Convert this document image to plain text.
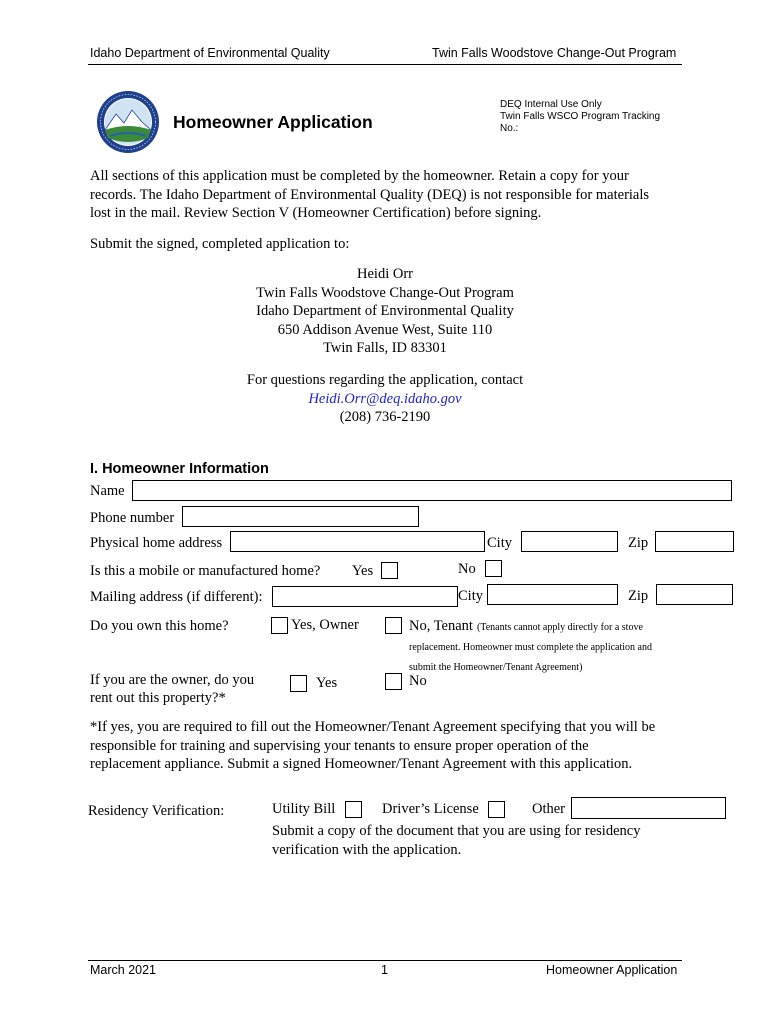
Idaho Department of Environmental Quality	Twin Falls Woodstove Change-Out Program
Homeowner Application
DEQ Internal Use Only
Twin Falls WSCO Program Tracking
No.:
All sections of this application must be completed by the homeowner. Retain a copy for your
records. The Idaho Department of Environmental Quality (DEQ) is not responsible for materials
lost in the mail. Review Section V (Homeowner Certification) before signing.
Submit the signed, completed application to:
Heidi Orr
Twin Falls Woodstove Change-Out Program
Idaho Department of Environmental Quality
650 Addison Avenue West, Suite 110
Twin Falls, ID 83301
For questions regarding the application, contact
Heidi.Orr@deq.idaho.gov
(208) 736-2190
I. Homeowner Information
Name
Phone number
Physical home address	City	Zip
Is this a mobile or manufactured home? Yes	No
Mailing address (if different):	City	Zip
Do you own this home?	Yes, Owner	No, Tenant (Tenants cannot apply directly for a stove
replacement. Homeowner must complete the application and
submit the Homeowner/Tenant Agreement)
If you are the owner, do you
rent out this property?*
Yes	No
*If yes, you are required to fill out the Homeowner/Tenant Agreement specifying that you will be
responsible for training and supervising your tenants to ensure proper operation of the
replacement appliance. Submit a signed Homeowner/Tenant Agreement with this application.
Residency Verification:	Utility Bill	Driver’s License	Other
Submit a copy of the document that you are using for residency
verification with the application.
March 2021	1	Homeowner Application
